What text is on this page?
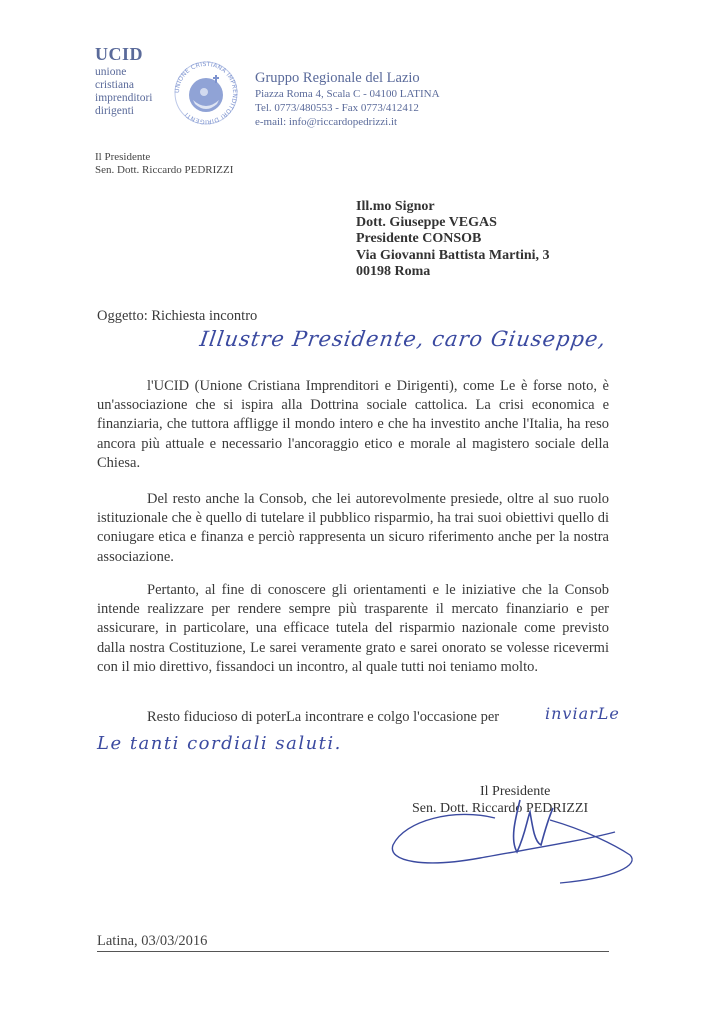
UCID
unione
cristiana
imprenditori
dirigenti
UNIONE CRISTIANA IMPRENDITORI DIRIGENTI
Gruppo Regionale del Lazio
Piazza Roma 4, Scala C - 04100 LATINA
Tel. 0773/480553 - Fax 0773/412412
e-mail: info@riccardopedrizzi.it
Il Presidente
Sen. Dott. Riccardo PEDRIZZI
Ill.mo Signor
Dott. Giuseppe VEGAS
Presidente CONSOB
Via Giovanni Battista Martini, 3
00198 Roma
Oggetto: Richiesta incontro
Illustre Presidente, caro Giuseppe,
l'UCID (Unione Cristiana Imprenditori e Dirigenti), come Le è forse noto, è un'associazione che si ispira alla Dottrina sociale cattolica. La crisi economica e finanziaria, che tuttora affligge il mondo intero e che ha investito anche l'Italia, ha reso ancora più attuale e necessario l'ancoraggio etico e morale al magistero sociale della Chiesa.
Del resto anche la Consob, che lei autorevolmente presiede, oltre al suo ruolo istituzionale che è quello di tutelare il pubblico risparmio, ha trai suoi obiettivi quello di coniugare etica e finanza e perciò rappresenta un sicuro riferimento anche per la nostra associazione.
Pertanto, al fine di conoscere gli orientamenti e le iniziative che la Consob intende realizzare per rendere sempre più trasparente il mercato finanziario e per assicurare, in particolare, una efficace tutela del risparmio nazionale come previsto dalla nostra Costituzione, Le sarei veramente grato e sarei onorato se volesse ricevermi con il mio direttivo, fissandoci un incontro, al quale tutti noi teniamo molto.
Resto fiducioso di poterLa incontrare e colgo l'occasione per	inviarLe
Le tanti cordiali saluti.
Il Presidente
Sen. Dott. Riccardo PEDRIZZI
Latina, 03/03/2016
